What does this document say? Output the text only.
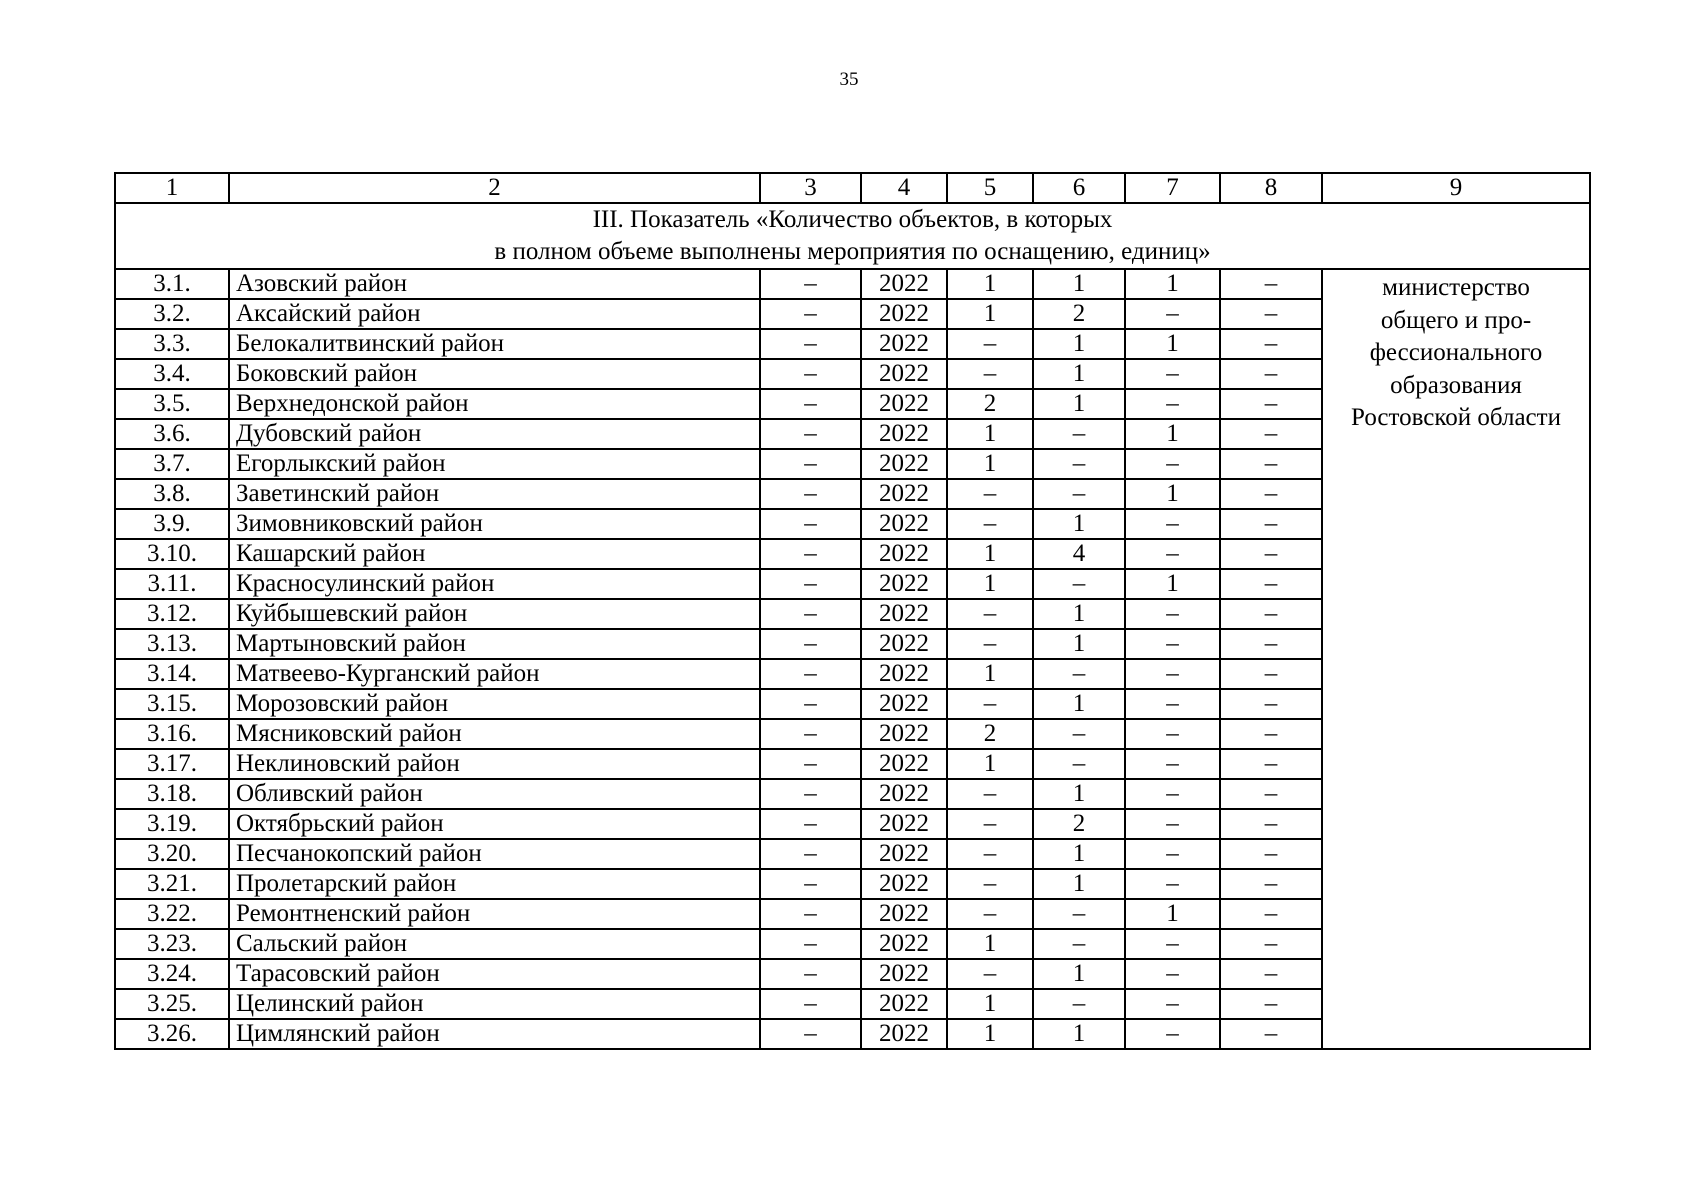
35
1	2	3	4	5	6	7	8	9

III. Показатель «Количество объектов, в которых
в полном объеме выполнены мероприятия по оснащению, единиц»								

3.1.	Азовский район	–	2022	1	1	1	–	министерство
общего и про-
фессионального
образования
Ростовской области

3.2.	Аксайский район	–	2022	1	2	–	–	
3.3.	Белокалитвинский район	–	2022	–	1	1	–	
3.4.	Боковский район	–	2022	–	1	–	–	
3.5.	Верхнедонской район	–	2022	2	1	–	–	
3.6.	Дубовский район	–	2022	1	–	1	–	
3.7.	Егорлыкский район	–	2022	1	–	–	–	
3.8.	Заветинский район	–	2022	–	–	1	–	
3.9.	Зимовниковский район	–	2022	–	1	–	–	
3.10.	Кашарский район	–	2022	1	4	–	–	
3.11.	Красносулинский район	–	2022	1	–	1	–	
3.12.	Куйбышевский район	–	2022	–	1	–	–	
3.13.	Мартыновский район	–	2022	–	1	–	–	
3.14.	Матвеево-Курганский район	–	2022	1	–	–	–	
3.15.	Морозовский район	–	2022	–	1	–	–	
3.16.	Мясниковский район	–	2022	2	–	–	–	
3.17.	Неклиновский район	–	2022	1	–	–	–	
3.18.	Обливский район	–	2022	–	1	–	–	
3.19.	Октябрьский район	–	2022	–	2	–	–	
3.20.	Песчанокопский район	–	2022	–	1	–	–	
3.21.	Пролетарский район	–	2022	–	1	–	–	
3.22.	Ремонтненский район	–	2022	–	–	1	–	
3.23.	Сальский район	–	2022	1	–	–	–	
3.24.	Тарасовский район	–	2022	–	1	–	–	
3.25.	Целинский район	–	2022	1	–	–	–	
3.26.	Цимлянский район	–	2022	1	1	–	–	
